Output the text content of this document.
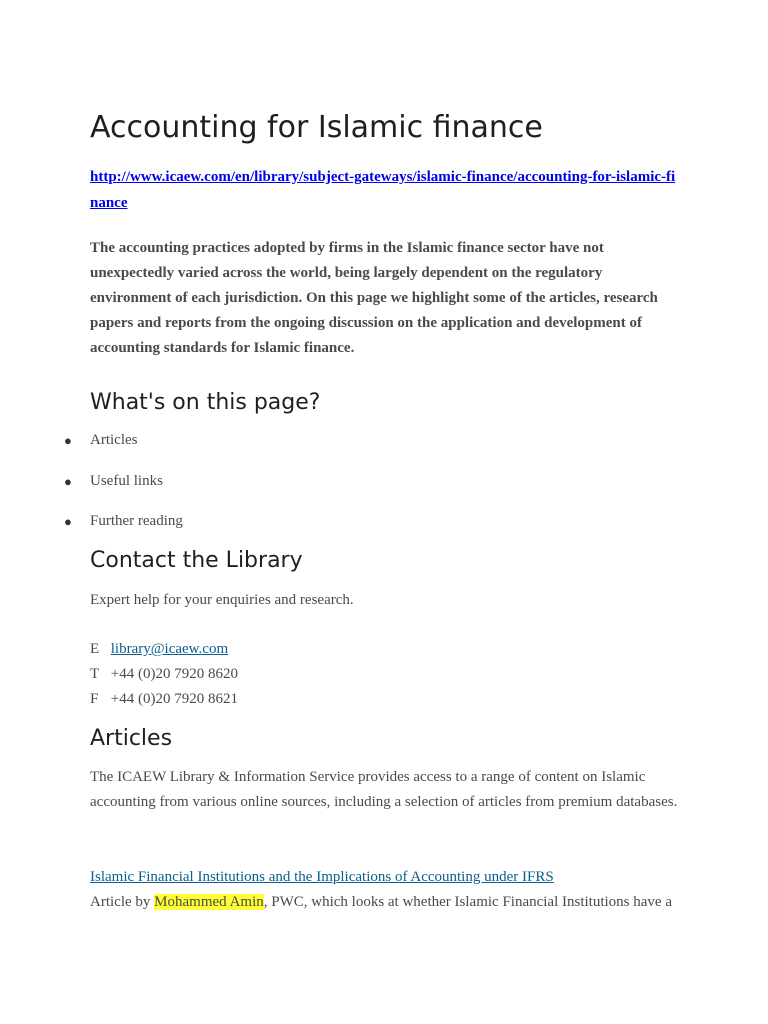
Accounting for Islamic finance
http://www.icaew.com/en/library/subject-gateways/islamic-finance/accounting-for-islamic-finance

The accounting practices adopted by firms in the Islamic finance sector have not unexpectedly varied across the world, being largely dependent on the regulatory environment of each jurisdiction. On this page we highlight some of the articles, research papers and reports from the ongoing discussion on the application and development of accounting standards for Islamic finance.

What's on this page?
● Articles
● Useful links
● Further reading
Contact the Library

Expert help for your enquiries and research.

E library@icaew.com
T +44 (0)20 7920 8620
F +44 (0)20 7920 8621
Articles

The ICAEW Library & Information Service provides access to a range of content on Islamic accounting from various online sources, including a selection of articles from premium databases.

Islamic Financial Institutions and the Implications of Accounting under IFRS
Article by Mohammed Amin, PWC, which looks at whether Islamic Financial Institutions have a
